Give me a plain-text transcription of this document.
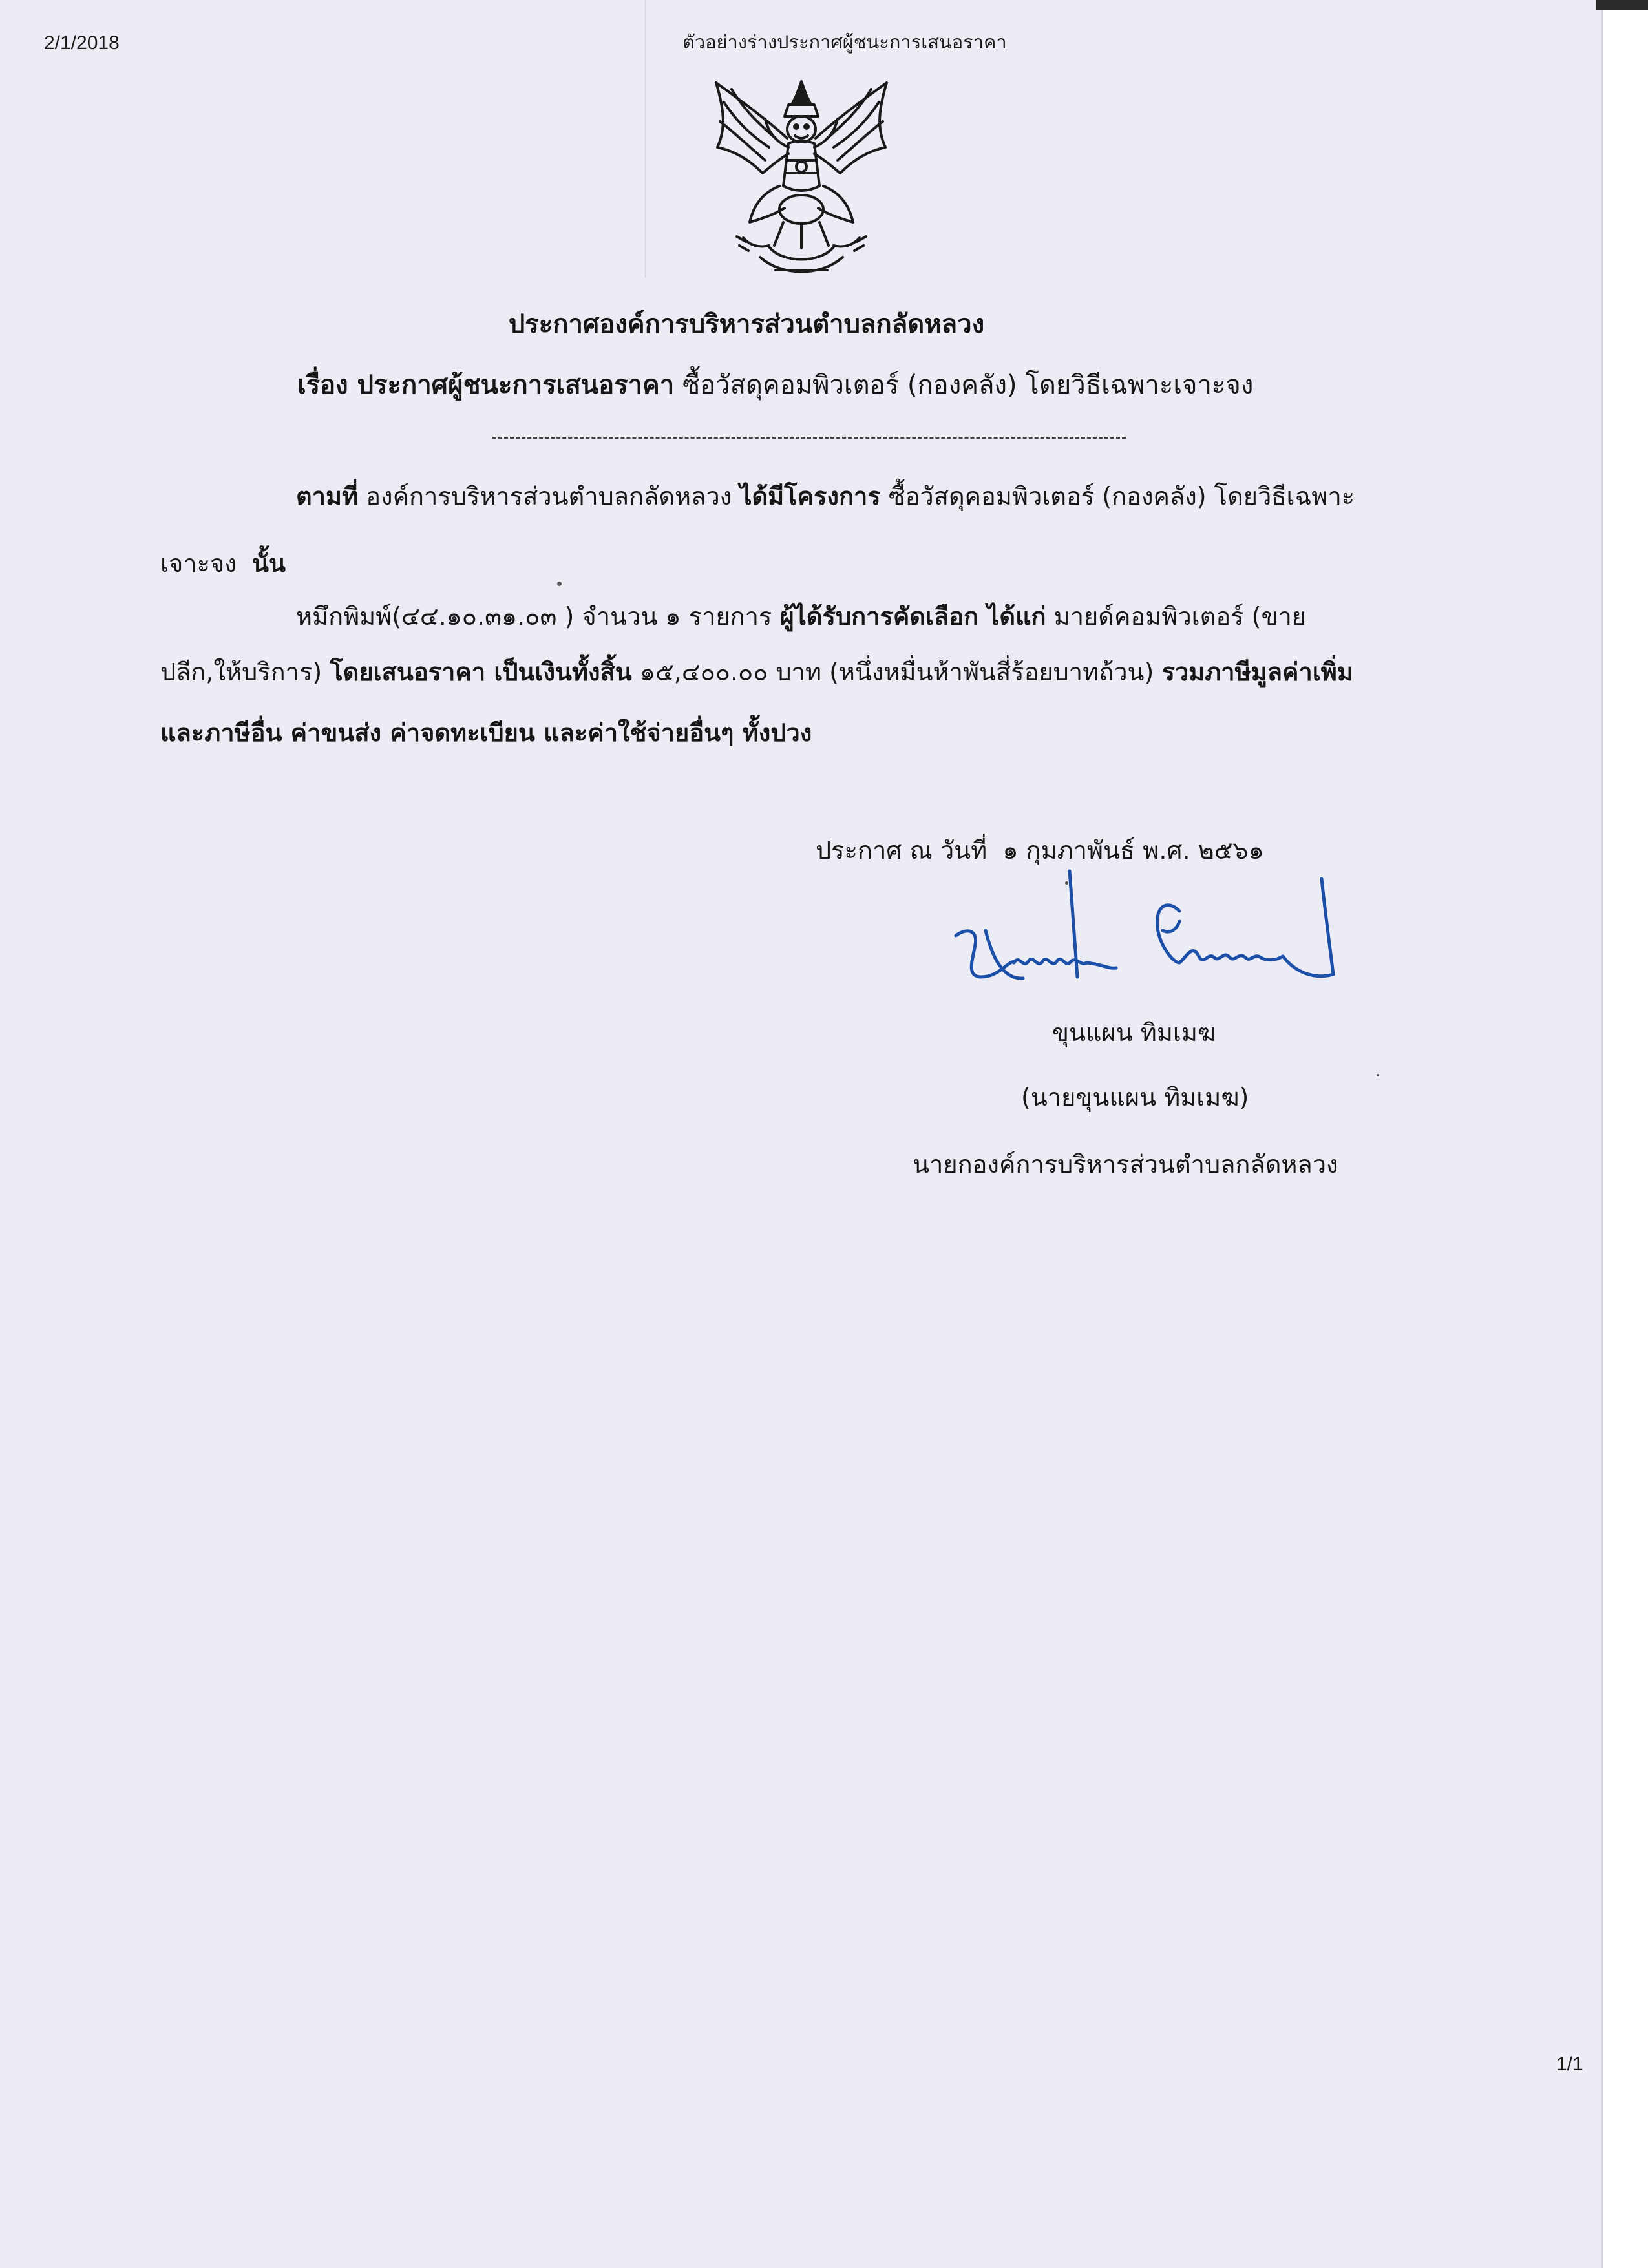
2/1/2018	ตัวอย่างร่างประกาศผู้ชนะการเสนอราคา
1/1
ประกาศองค์การบริหารส่วนตำบลกลัดหลวง
เรื่อง ประกาศผู้ชนะการเสนอราคา ซื้อวัสดุคอมพิวเตอร์ (กองคลัง) โดยวิธีเฉพาะเจาะจง
ตามที่ องค์การบริหารส่วนตำบลกลัดหลวง ได้มีโครงการ ซื้อวัสดุคอมพิวเตอร์ (กองคลัง) โดยวิธีเฉพาะ
เจาะจง นั้น
หมึกพิมพ์(๔๔.๑๐.๓๑.๐๓ ) จำนวน ๑ รายการ ผู้ได้รับการคัดเลือก ได้แก่ มายด์คอมพิวเตอร์ (ขาย
ปลีก,ให้บริการ) โดยเสนอราคา เป็นเงินทั้งสิ้น ๑๕,๔๐๐.๐๐ บาท (หนึ่งหมื่นห้าพันสี่ร้อยบาทถ้วน) รวมภาษีมูลค่าเพิ่ม
และภาษีอื่น ค่าขนส่ง ค่าจดทะเบียน และค่าใช้จ่ายอื่นๆ ทั้งปวง
ประกาศ ณ วันที่ ๑ กุมภาพันธ์ พ.ศ. ๒๕๖๑
ขุนแผน ทิมเมฆ
(นายขุนแผน ทิมเมฆ)
นายกองค์การบริหารส่วนตำบลกลัดหลวง
